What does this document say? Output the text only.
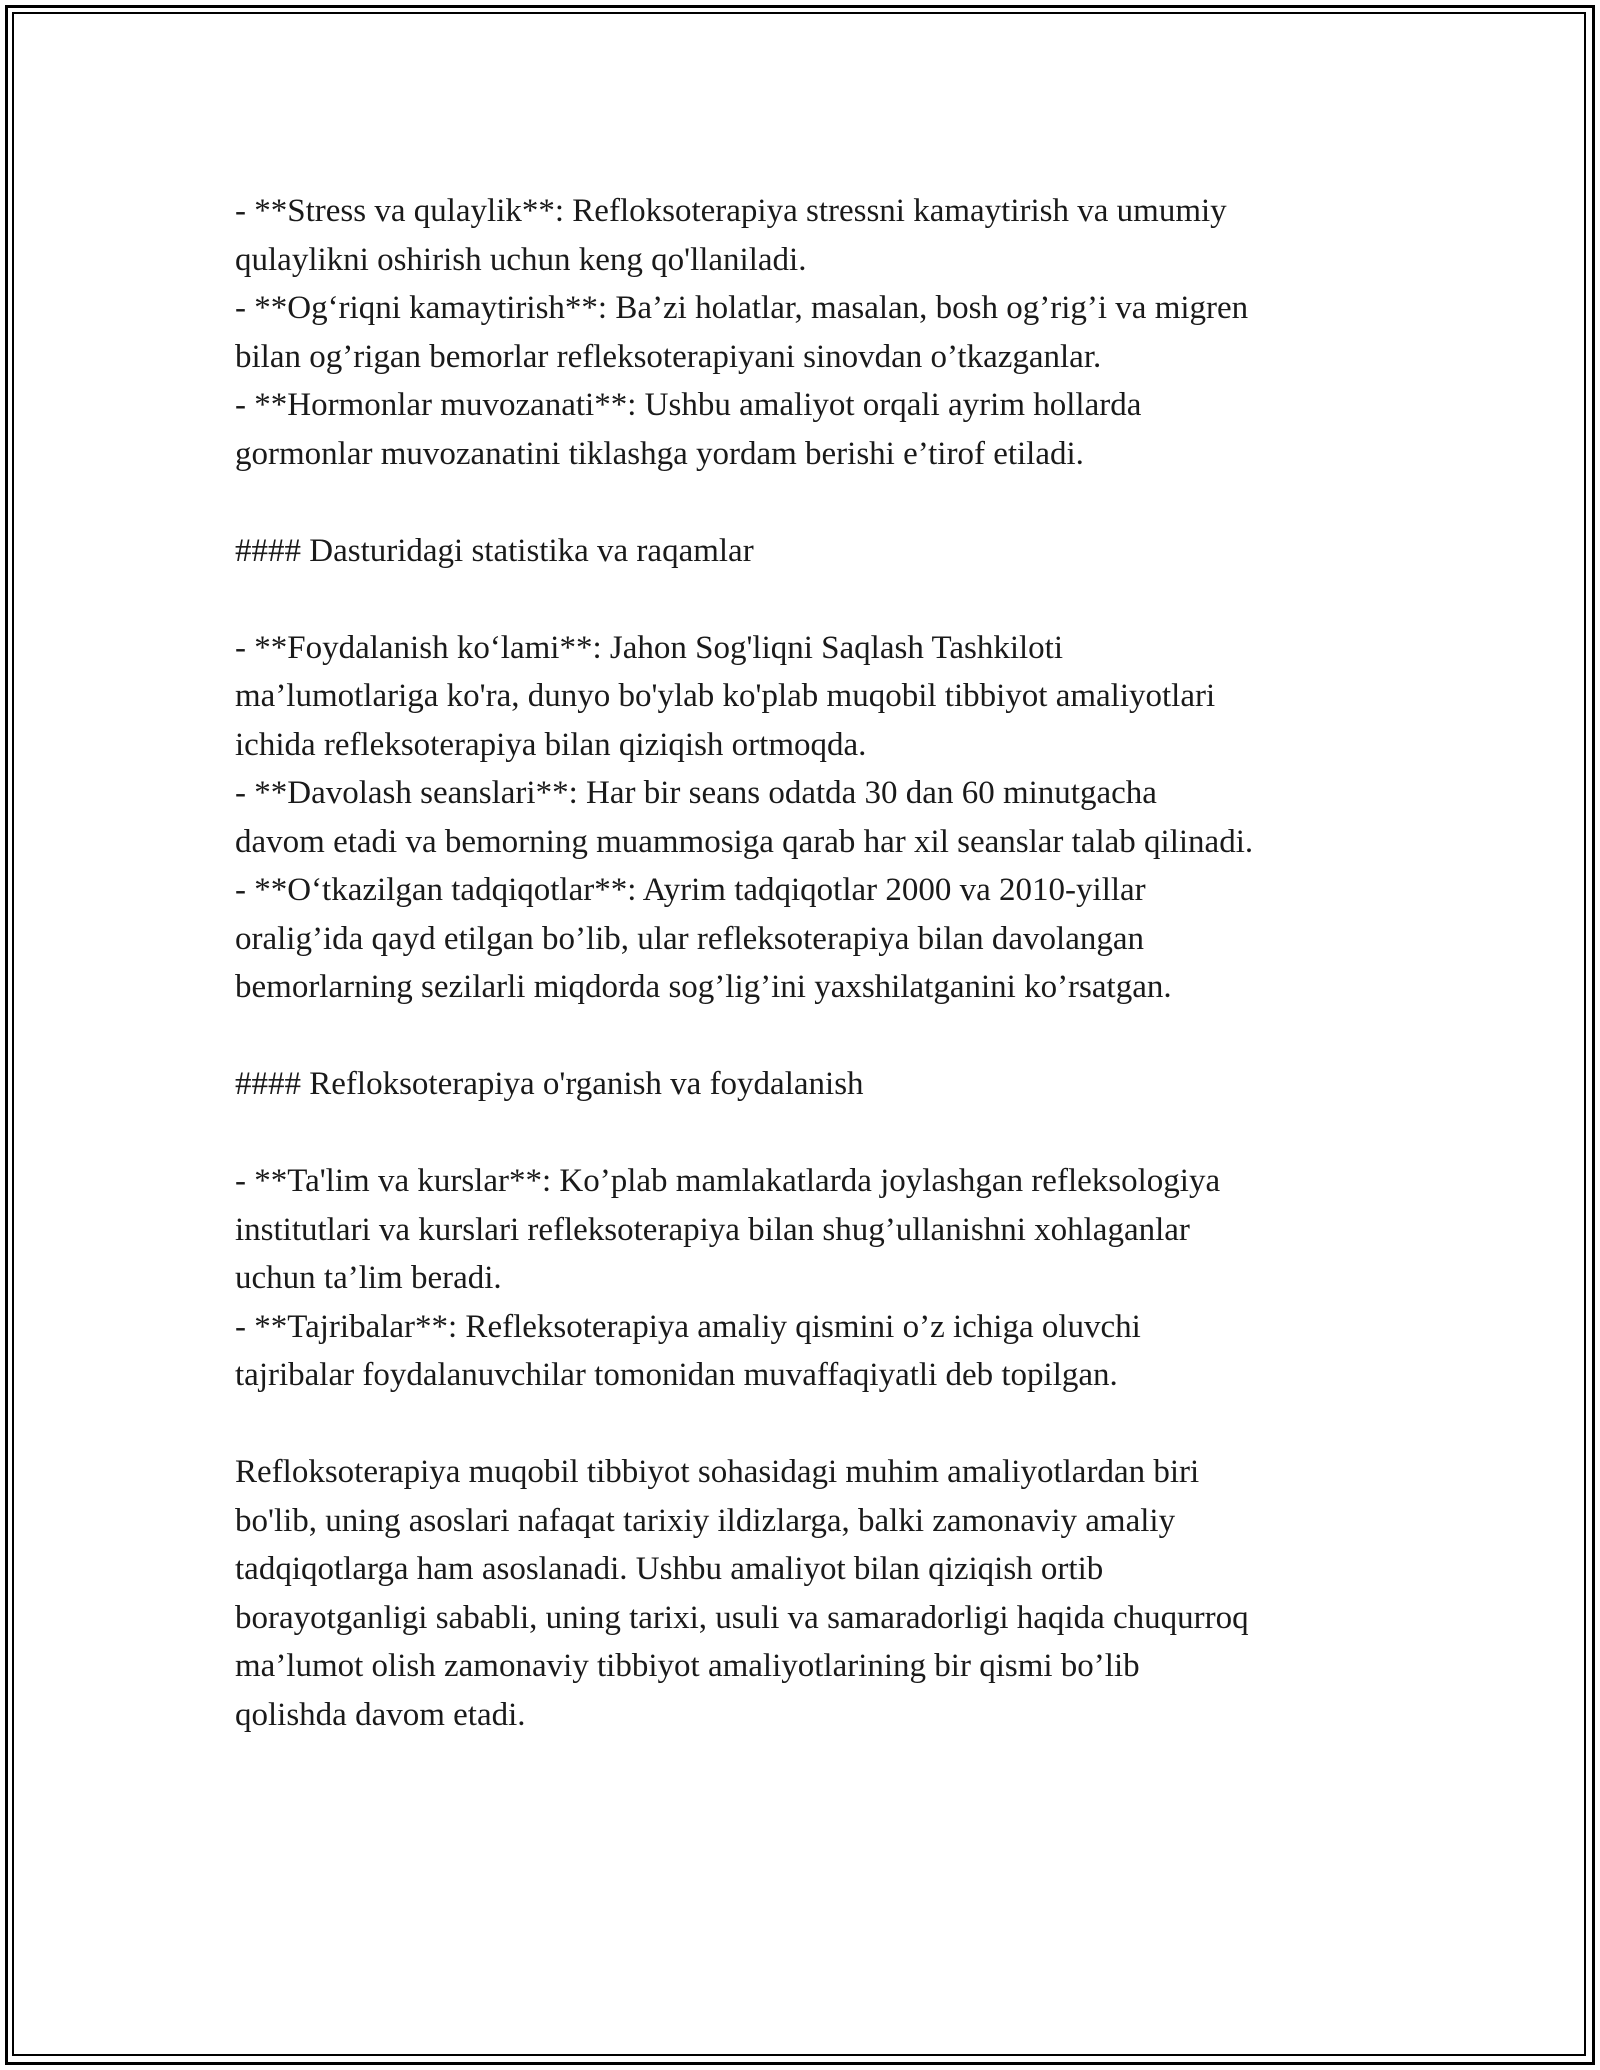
- **Stress va qulaylik**: Refloksoterapiya stressni kamaytirish va umumiy

qulaylikni oshirish uchun keng qo'llaniladi.

- **Og‘riqni kamaytirish**: Ba’zi holatlar, masalan, bosh og’rig’i va migren

bilan og’rigan bemorlar refleksoterapiyani sinovdan o’tkazganlar.

- **Hormonlar muvozanati**: Ushbu amaliyot orqali ayrim hollarda

gormonlar muvozanatini tiklashga yordam berishi e’tirof etiladi.

#### Dasturidagi statistika va raqamlar

- **Foydalanish ko‘lami**: Jahon Sog'liqni Saqlash Tashkiloti

ma’lumotlariga ko'ra, dunyo bo'ylab ko'plab muqobil tibbiyot amaliyotlari

ichida refleksoterapiya bilan qiziqish ortmoqda.

- **Davolash seanslari**: Har bir seans odatda 30 dan 60 minutgacha

davom etadi va bemorning muammosiga qarab har xil seanslar talab qilinadi.

- **O‘tkazilgan tadqiqotlar**: Ayrim tadqiqotlar 2000 va 2010-yillar

oralig’ida qayd etilgan bo’lib, ular refleksoterapiya bilan davolangan

bemorlarning sezilarli miqdorda sog’lig’ini yaxshilatganini ko’rsatgan.

#### Refloksoterapiya o'rganish va foydalanish

- **Ta'lim va kurslar**: Ko’plab mamlakatlarda joylashgan refleksologiya

institutlari va kurslari refleksoterapiya bilan shug’ullanishni xohlaganlar

uchun ta’lim beradi.

- **Tajribalar**: Refleksoterapiya amaliy qismini o’z ichiga oluvchi

tajribalar foydalanuvchilar tomonidan muvaffaqiyatli deb topilgan.

Refloksoterapiya muqobil tibbiyot sohasidagi muhim amaliyotlardan biri

bo'lib, uning asoslari nafaqat tarixiy ildizlarga, balki zamonaviy amaliy

tadqiqotlarga ham asoslanadi. Ushbu amaliyot bilan qiziqish ortib

borayotganligi sababli, uning tarixi, usuli va samaradorligi haqida chuqurroq

ma’lumot olish zamonaviy tibbiyot amaliyotlarining bir qismi bo’lib

qolishda davom etadi.
